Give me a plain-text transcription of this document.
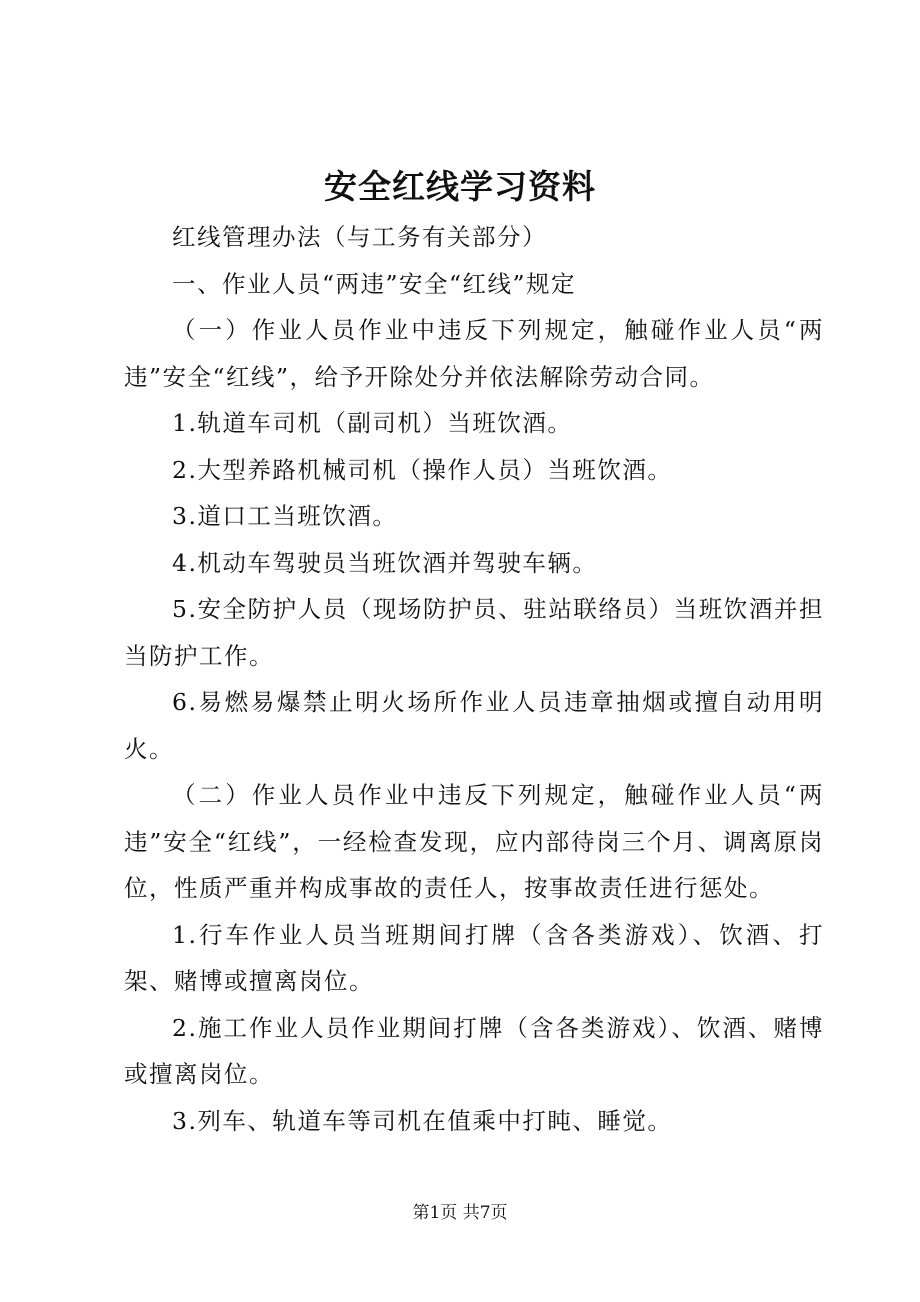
安全红线学习资料

红线管理办法（与工务有关部分）

一、作业人员“两违”安全“红线”规定

（一）作业人员作业中违反下列规定，触碰作业人员“两违”安全“红线”，给予开除处分并依法解除劳动合同。

1.轨道车司机（副司机）当班饮酒。

2.大型养路机械司机（操作人员）当班饮酒。

3.道口工当班饮酒。

4.机动车驾驶员当班饮酒并驾驶车辆。

5.安全防护人员（现场防护员、驻站联络员）当班饮酒并担当防护工作。

6.易燃易爆禁止明火场所作业人员违章抽烟或擅自动用明火。

（二）作业人员作业中违反下列规定，触碰作业人员“两违”安全“红线”，一经检查发现，应内部待岗三个月、调离原岗位，性质严重并构成事故的责任人，按事故责任进行惩处。

1.行车作业人员当班期间打牌（含各类游戏）、饮酒、打架、赌博或擅离岗位。

2.施工作业人员作业期间打牌（含各类游戏）、饮酒、赌博或擅离岗位。

3.列车、轨道车等司机在值乘中打盹、睡觉。

第1页 共7页
